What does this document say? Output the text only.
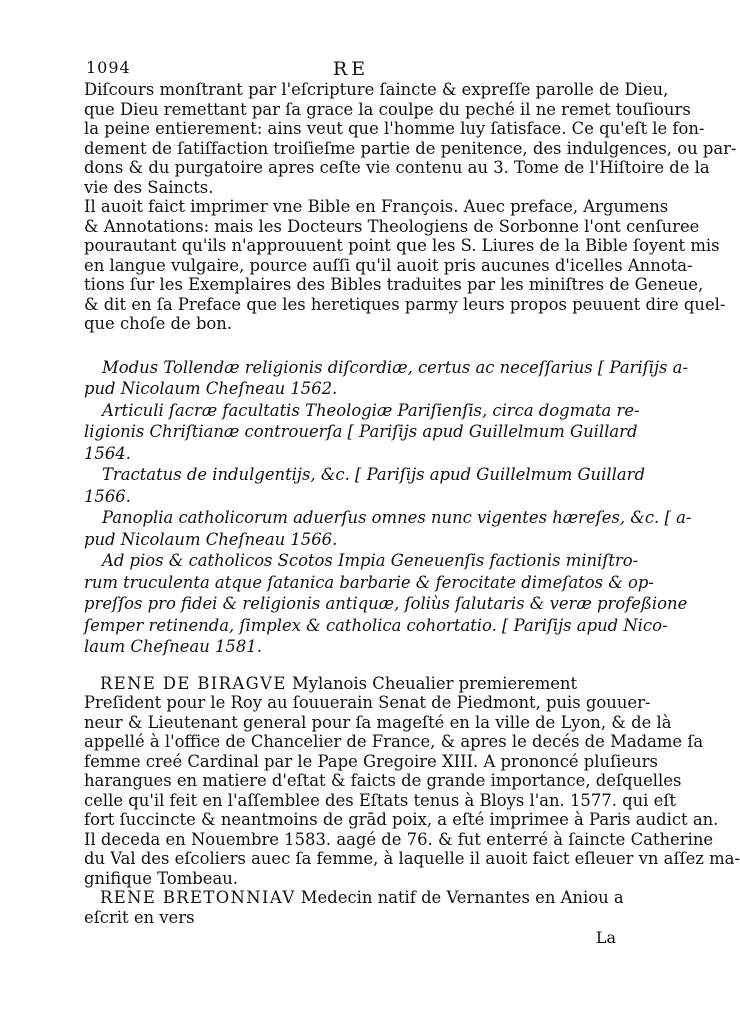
1094	RE
Diſcours monſtrant par l'eſcripture ſaincte & expreſſe parolle de Dieu,
que Dieu remettant par ſa grace la coulpe du peché il ne remet touſiours
la peine entierement: ains veut que l'homme luy ſatisface. Ce qu'eſt le fon-
dement de ſatiſfaction troiſieſme partie de penitence, des indulgences, ou par-
dons & du purgatoire apres ceſte vie contenu au 3. Tome de l'Hiſtoire de la
vie des Saincts.
Il auoit faict imprimer vne Bible en François. Auec preface, Argumens
& Annotations: mais les Docteurs Theologiens de Sorbonne l'ont cenſuree
pourautant qu'ils n'approuuent point que les S. Liures de la Bible ſoyent mis
en langue vulgaire, pource auſſi qu'il auoit pris aucunes d'icelles Annota-
tions ſur les Exemplaires des Bibles traduites par les miniſtres de Geneue,
& dit en ſa Preface que les heretiques parmy leurs propos peuuent dire quel-
que choſe de bon.
Modus Tollendæ religionis diſcordiæ, certus ac neceſſarius [ Pariſijs a-
pud Nicolaum Cheſneau 1562.
Articuli ſacræ facultatis Theologiæ Pariſienſis, circa dogmata re-
ligionis Chriſtianæ controuerſa [ Pariſijs apud Guillelmum Guillard
1564.
Tractatus de indulgentijs, &c. [ Pariſijs apud Guillelmum Guillard
1566.
Panoplia catholicorum aduerſus omnes nunc vigentes hæreſes, &c. [ a-
pud Nicolaum Cheſneau 1566.
Ad pios & catholicos Scotos Impia Geneuenſis factionis miniſtro-
rum truculenta atque ſatanica barbarie & ferocitate dimeſatos & op-
preſſos pro fidei & religionis antiquæ, ſoliùs ſalutaris & veræ profeßione
ſemper retinenda, ſimplex & catholica cohortatio. [ Pariſijs apud Nico-
laum Cheſneau 1581.
RENE DE BIRAGVE Mylanois Cheualier premierement
Preſident pour le Roy au ſouuerain Senat de Piedmont, puis gouuer-
neur & Lieutenant general pour ſa mageſté en la ville de Lyon, & de là
appellé à l'office de Chancelier de France, & apres le decés de Madame ſa
femme creé Cardinal par le Pape Gregoire XIII. A prononcé pluſieurs
harangues en matiere d'eſtat & faicts de grande importance, deſquelles
celle qu'il feit en l'aſſemblee des Eſtats tenus à Bloys l'an. 1577. qui eſt
fort ſuccincte & neantmoins de grād poix, a eſté imprimee à Paris audict an.
Il deceda en Nouembre 1583. aagé de 76. & fut enterré à ſaincte Catherine
du Val des eſcoliers auec ſa femme, à laquelle il auoit faict eſleuer vn aſſez ma-
gnifique Tombeau.
RENE BRETONNIAV Medecin natif de Vernantes en Aniou a
eſcrit en vers
La
